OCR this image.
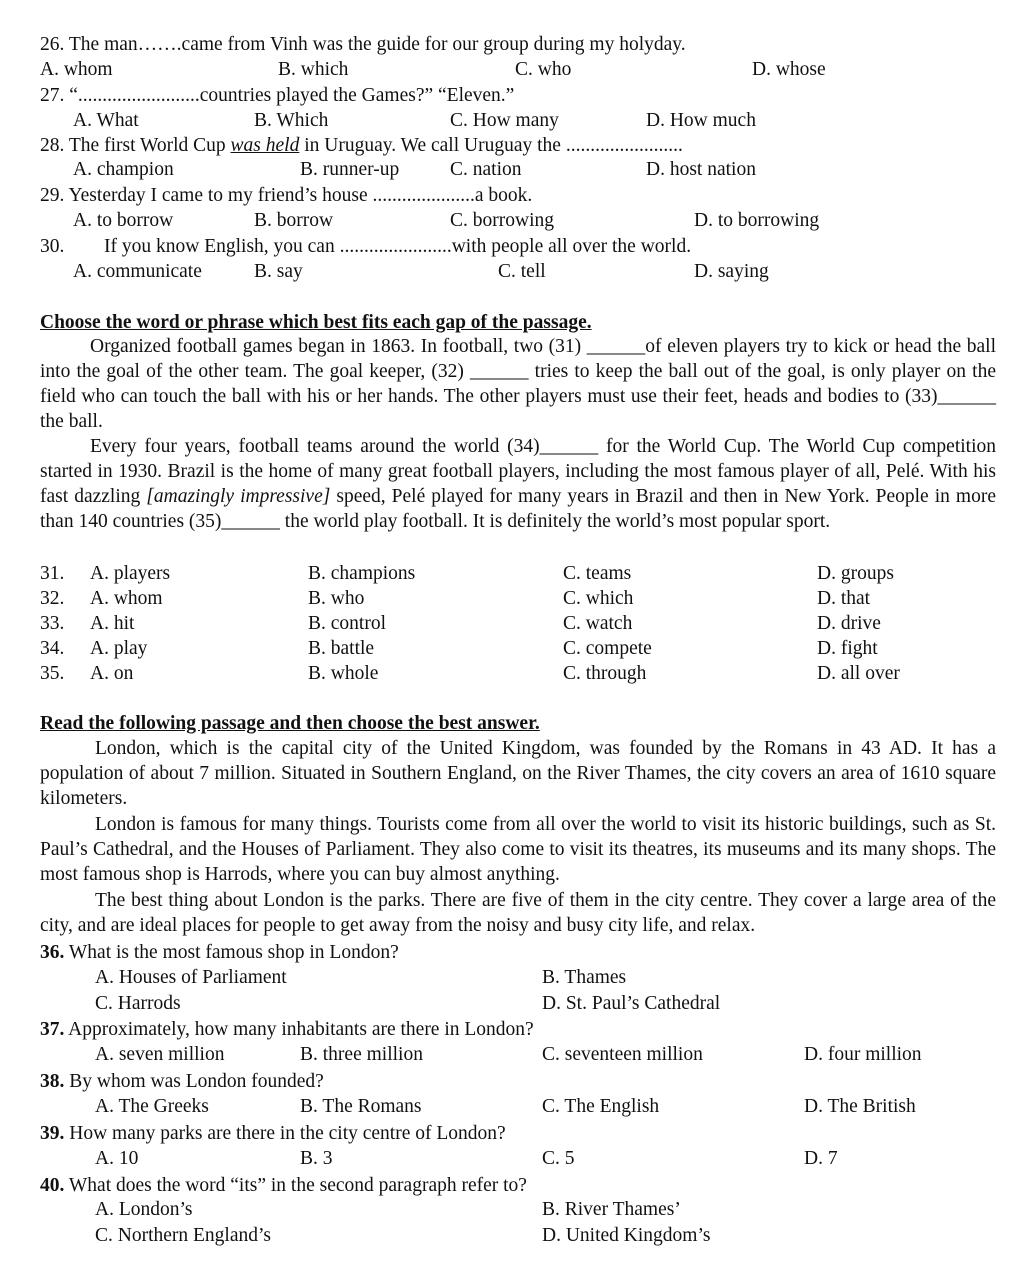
26. The man…….came from Vinh was the guide for our group during my holyday.
A. whom	B. which	C. who	D. whose
27. “.........................countries played the Games?” “Eleven.”
A. What	B. Which	C. How many	D. How much
28. The first World Cup was held in Uruguay. We call Uruguay the ........................
A. champion	B. runner-up	C. nation	D. host nation
29. Yesterday I came to my friend’s house .....................a book.
A. to borrow	B. borrow	C. borrowing	D. to borrowing
30. If you know English, you can .......................with people all over the world.
A. communicate	B. say	C. tell	D. saying
Choose the word or phrase which best fits each gap of the passage.
Organized football games began in 1863. In football, two (31) ______of eleven players try to kick or head the ball into the goal of the other team. The goal keeper, (32) ______ tries to keep the ball out of the goal, is only player on the field who can touch the ball with his or her hands. The other players must use their feet, heads and bodies to (33)______ the ball.
Every four years, football teams around the world (34)______ for the World Cup. The World Cup competition started in 1930. Brazil is the home of many great football players, including the most famous player of all, Pelé. With his fast dazzling [amazingly impressive] speed, Pelé played for many years in Brazil and then in New York. People in more than 140 countries (35)______ the world play football. It is definitely the world’s most popular sport.
31. A. players	B. champions	C. teams	D. groups
32. A. whom	B. who	C. which	D. that
33. A. hit	B. control	C. watch	D. drive
34. A. play	B. battle	C. compete	D. fight
35. A. on	B. whole	C. through	D. all over
Read the following passage and then choose the best answer.
London, which is the capital city of the United Kingdom, was founded by the Romans in 43 AD. It has a population of about 7 million. Situated in Southern England, on the River Thames, the city covers an area of 1610 square kilometers.
London is famous for many things. Tourists come from all over the world to visit its historic buildings, such as St. Paul’s Cathedral, and the Houses of Parliament. They also come to visit its theatres, its museums and its many shops. The most famous shop is Harrods, where you can buy almost anything.
The best thing about London is the parks. There are five of them in the city centre. They cover a large area of the city, and are ideal places for people to get away from the noisy and busy city life, and relax.
36. What is the most famous shop in London?
A. Houses of Parliament	B. Thames
C. Harrods	D. St. Paul’s Cathedral
37. Approximately, how many inhabitants are there in London?
A. seven million	B. three million	C. seventeen million	D. four million
38. By whom was London founded?
A. The Greeks	B. The Romans	C. The English	D. The British
39. How many parks are there in the city centre of London?
A. 10	B. 3	C. 5	D. 7
40. What does the word “its” in the second paragraph refer to?
A. London’s	B. River Thames’
C. Northern England’s	D. United Kingdom’s
